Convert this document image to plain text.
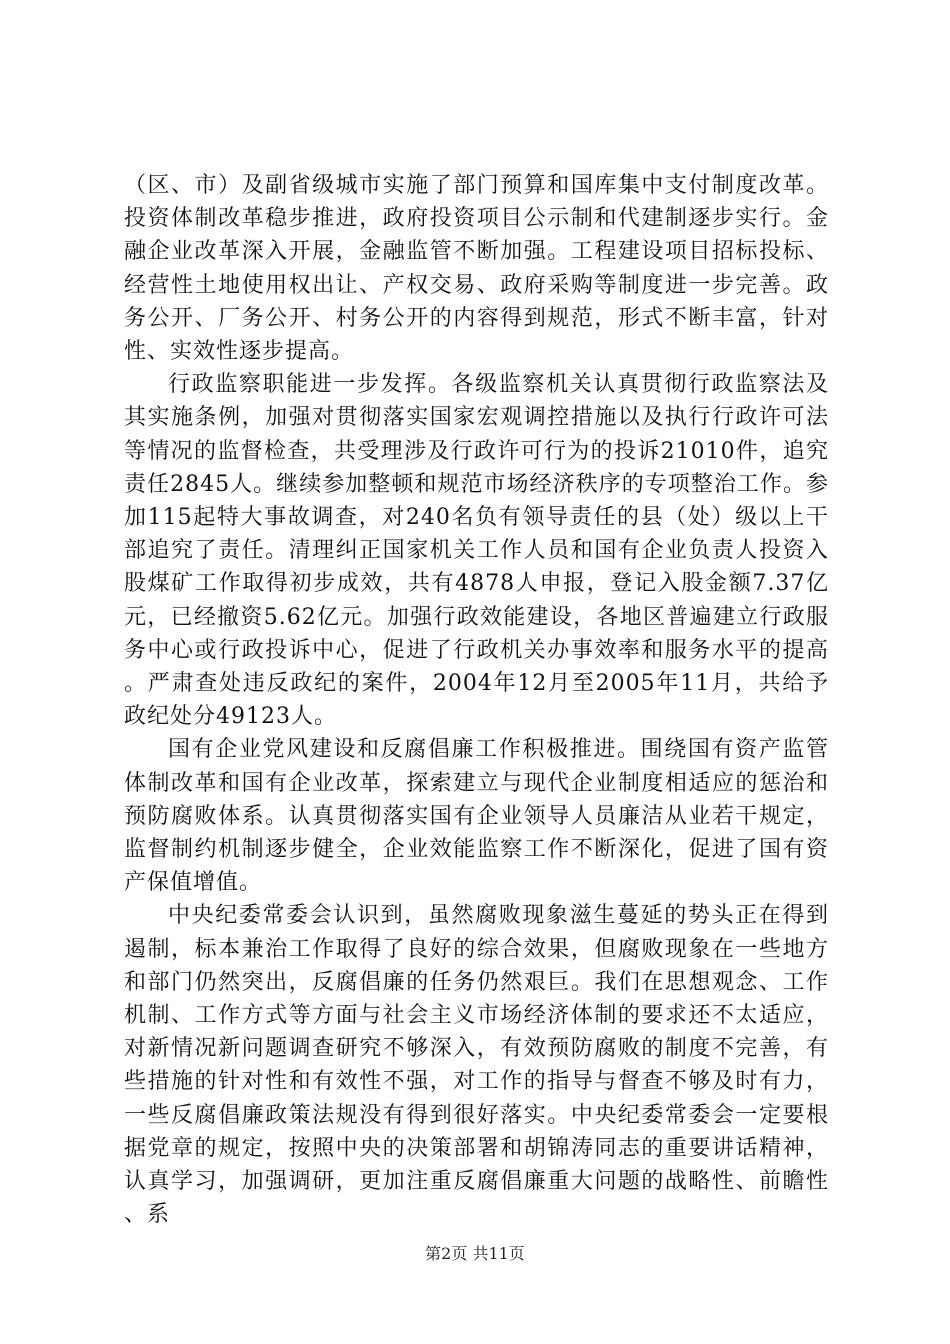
（区、市）及副省级城市实施了部门预算和国库集中支付制度改革。投资体制改革稳步推进，政府投资项目公示制和代建制逐步实行。金融企业改革深入开展，金融监管不断加强。工程建设项目招标投标、经营性土地使用权出让、产权交易、政府采购等制度进一步完善。政务公开、厂务公开、村务公开的内容得到规范，形式不断丰富，针对性、实效性逐步提高。

行政监察职能进一步发挥。各级监察机关认真贯彻行政监察法及其实施条例，加强对贯彻落实国家宏观调控措施以及执行行政许可法等情况的监督检查，共受理涉及行政许可行为的投诉21010件，追究责任2845人。继续参加整顿和规范市场经济秩序的专项整治工作。参加115起特大事故调查，对240名负有领导责任的县（处）级以上干部追究了责任。清理纠正国家机关工作人员和国有企业负责人投资入股煤矿工作取得初步成效，共有4878人申报，登记入股金额7.37亿元，已经撤资5.62亿元。加强行政效能建设，各地区普遍建立行政服务中心或行政投诉中心，促进了行政机关办事效率和服务水平的提高。严肃查处违反政纪的案件，2004年12月至2005年11月，共给予政纪处分49123人。

国有企业党风建设和反腐倡廉工作积极推进。围绕国有资产监管体制改革和国有企业改革，探索建立与现代企业制度相适应的惩治和预防腐败体系。认真贯彻落实国有企业领导人员廉洁从业若干规定，监督制约机制逐步健全，企业效能监察工作不断深化，促进了国有资产保值增值。

中央纪委常委会认识到，虽然腐败现象滋生蔓延的势头正在得到遏制，标本兼治工作取得了良好的综合效果，但腐败现象在一些地方和部门仍然突出，反腐倡廉的任务仍然艰巨。我们在思想观念、工作机制、工作方式等方面与社会主义市场经济体制的要求还不太适应，对新情况新问题调查研究不够深入，有效预防腐败的制度不完善，有些措施的针对性和有效性不强，对工作的指导与督查不够及时有力，一些反腐倡廉政策法规没有得到很好落实。中央纪委常委会一定要根据党章的规定，按照中央的决策部署和胡锦涛同志的重要讲话精神，认真学习，加强调研，更加注重反腐倡廉重大问题的战略性、前瞻性、系

第2页 共11页
